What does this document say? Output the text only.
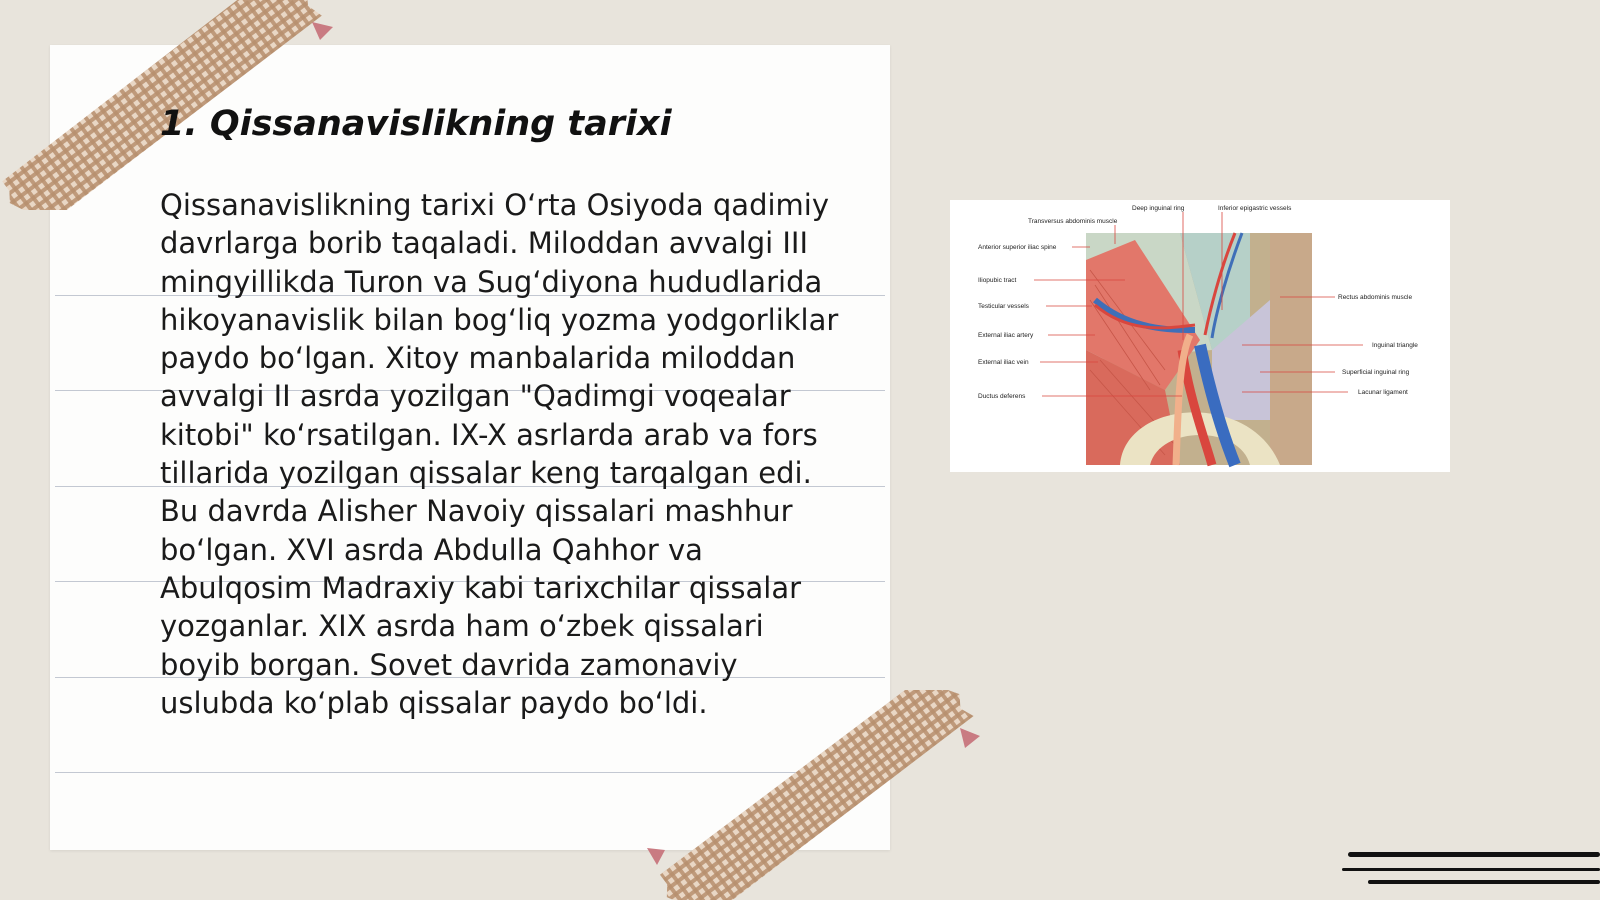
1. Qissanavislikning tarixi

Qissanavislikning tarixi O‘rta Osiyoda qadimiy davrlarga borib taqaladi. Miloddan avvalgi III mingyillikda Turon va Sug‘diyona hududlarida hikoyanavislik bilan bog‘liq yozma yodgorliklar paydo bo‘lgan. Xitoy manbalarida miloddan avvalgi II asrda yozilgan "Qadimgi voqealar kitobi" ko‘rsatilgan. IX-X asrlarda arab va fors tillarida yozilgan qissalar keng tarqalgan edi. Bu davrda Alisher Navoiy qissalari mashhur bo‘lgan. XVI asrda Abdulla Qahhor va Abulqosim Madraxiy kabi tarixchilar qissalar yozganlar. XIX asrda ham o‘zbek qissalari boyib borgan. Sovet davrida zamonaviy uslubda ko‘plab qissalar paydo bo‘ldi.

Anterior superior iliac spine
Iliopubic tract
Testicular vessels
External iliac artery
External iliac vein
Ductus deferens
Transversus abdominis muscle
Deep inguinal ring	Inferior epigastric vessels
Rectus abdominis muscle
Inguinal triangle
Superficial inguinal ring
Lacunar ligament
